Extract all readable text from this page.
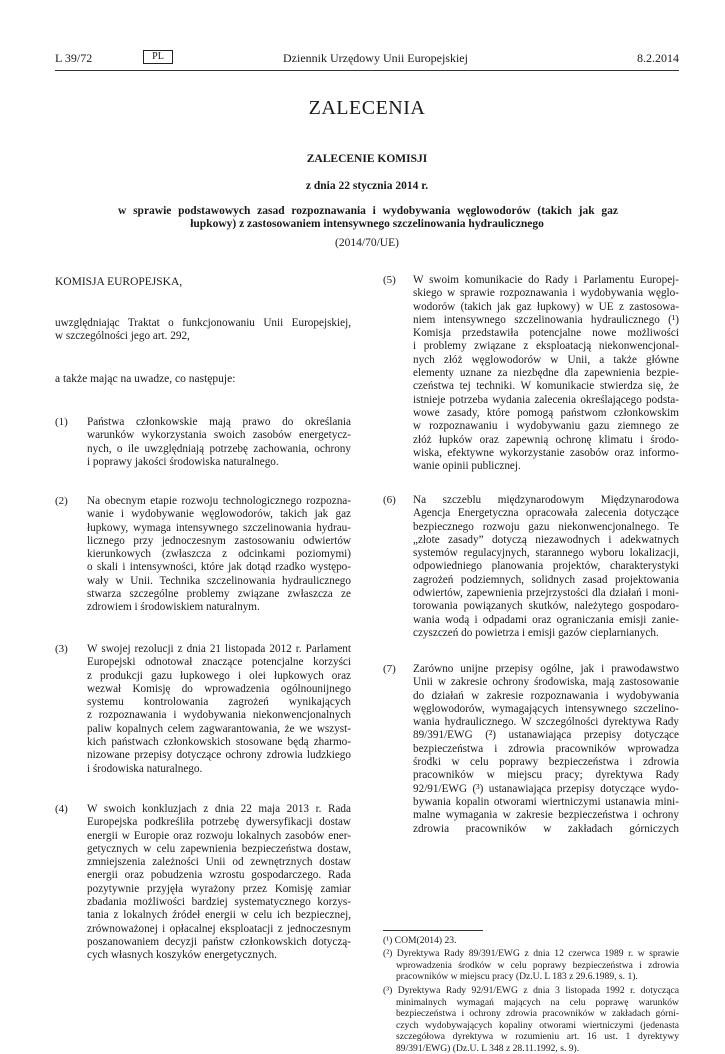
L 39/72	PL	Dziennik Urzędowy Unii Europejskiej	8.2.2014
ZALECENIA
ZALECENIE KOMISJI
z dnia 22 stycznia 2014 r.
w sprawie podstawowych zasad rozpoznawania i wydobywania węglowodorów (takich jak gaz
łupkowy) z zastosowaniem intensywnego szczelinowania hydraulicznego
(2014/70/UE)
KOMISJA EUROPEJSKA,
uwzględniając Traktat o funkcjonowaniu Unii Europejskiej,
w szczególności jego art. 292,
a także mając na uwadze, co następuje:
(1) Państwa członkowskie mają prawo do określania
warunków wykorzystania swoich zasobów energetycz-
nych, o ile uwzględniają potrzebę zachowania, ochrony
i poprawy jakości środowiska naturalnego.
(2) Na obecnym etapie rozwoju technologicznego rozpozna-
wanie i wydobywanie węglowodorów, takich jak gaz
łupkowy, wymaga intensywnego szczelinowania hydrau-
licznego przy jednoczesnym zastosowaniu odwiertów
kierunkowych (zwłaszcza z odcinkami poziomymi)
o skali i intensywności, które jak dotąd rzadko występo-
wały w Unii. Technika szczelinowania hydraulicznego
stwarza szczególne problemy związane zwłaszcza ze
zdrowiem i środowiskiem naturalnym.
(3) W swojej rezolucji z dnia 21 listopada 2012 r. Parlament
Europejski odnotował znaczące potencjalne korzyści
z produkcji gazu łupkowego i olei łupkowych oraz
wezwał Komisję do wprowadzenia ogólnounijnego
systemu kontrolowania zagrożeń wynikających
z rozpoznawania i wydobywania niekonwencjonalnych
paliw kopalnych celem zagwarantowania, że we wszyst-
kich państwach członkowskich stosowane będą zharmo-
nizowane przepisy dotyczące ochrony zdrowia ludzkiego
i środowiska naturalnego.
(4) W swoich konkluzjach z dnia 22 maja 2013 r. Rada
Europejska podkreśliła potrzebę dywersyfikacji dostaw
energii w Europie oraz rozwoju lokalnych zasobów ener-
getycznych w celu zapewnienia bezpieczeństwa dostaw,
zmniejszenia zależności Unii od zewnętrznych dostaw
energii oraz pobudzenia wzrostu gospodarczego. Rada
pozytywnie przyjęła wyrażony przez Komisję zamiar
zbadania możliwości bardziej systematycznego korzys-
tania z lokalnych źródeł energii w celu ich bezpiecznej,
zrównoważonej i opłacalnej eksploatacji z jednoczesnym
poszanowaniem decyzji państw członkowskich dotyczą-
cych własnych koszyków energetycznych.
(5) W swoim komunikacie do Rady i Parlamentu Europej-
skiego w sprawie rozpoznawania i wydobywania węglo-
wodorów (takich jak gaz łupkowy) w UE z zastosowa-
niem intensywnego szczelinowania hydraulicznego (¹)
Komisja przedstawiła potencjalne nowe możliwości
i problemy związane z eksploatacją niekonwencjonal-
nych złóż węglowodorów w Unii, a także główne
elementy uznane za niezbędne dla zapewnienia bezpie-
czeństwa tej techniki. W komunikacie stwierdza się, że
istnieje potrzeba wydania zalecenia określającego podsta-
wowe zasady, które pomogą państwom członkowskim
w rozpoznawaniu i wydobywaniu gazu ziemnego ze
złóż łupków oraz zapewnią ochronę klimatu i środo-
wiska, efektywne wykorzystanie zasobów oraz informo-
wanie opinii publicznej.
(6) Na szczeblu międzynarodowym Międzynarodowa
Agencja Energetyczna opracowała zalecenia dotyczące
bezpiecznego rozwoju gazu niekonwencjonalnego. Te
„złote zasady” dotyczą niezawodnych i adekwatnych
systemów regulacyjnych, starannego wyboru lokalizacji,
odpowiedniego planowania projektów, charakterystyki
zagrożeń podziemnych, solidnych zasad projektowania
odwiertów, zapewnienia przejrzystości dla działań i moni-
torowania powiązanych skutków, należytego gospodaro-
wania wodą i odpadami oraz ograniczania emisji zanie-
czyszczeń do powietrza i emisji gazów cieplarnianych.
(7) Zarówno unijne przepisy ogólne, jak i prawodawstwo
Unii w zakresie ochrony środowiska, mają zastosowanie
do działań w zakresie rozpoznawania i wydobywania
węglowodorów, wymagających intensywnego szczelino-
wania hydraulicznego. W szczególności dyrektywa Rady
89/391/EWG (²) ustanawiająca przepisy dotyczące
bezpieczeństwa i zdrowia pracowników wprowadza
środki w celu poprawy bezpieczeństwa i zdrowia
pracowników w miejscu pracy; dyrektywa Rady
92/91/EWG (³) ustanawiająca przepisy dotyczące wydo-
bywania kopalin otworami wiertniczymi ustanawia mini-
malne wymagania w zakresie bezpieczeństwa i ochrony
zdrowia pracowników w zakładach górniczych
(¹) COM(2014) 23.
(²) Dyrektywa Rady 89/391/EWG z dnia 12 czerwca 1989 r. w sprawie
wprowadzenia środków w celu poprawy bezpieczeństwa i zdrowia
pracowników w miejscu pracy (Dz.U. L 183 z 29.6.1989, s. 1).
(³) Dyrektywa Rady 92/91/EWG z dnia 3 listopada 1992 r. dotycząca
minimalnych wymagań mających na celu poprawę warunków
bezpieczeństwa i ochrony zdrowia pracowników w zakładach górni-
czych wydobywających kopaliny otworami wiertniczymi (jedenasta
szczegółowa dyrektywa w rozumieniu art. 16 ust. 1 dyrektywy
89/391/EWG) (Dz.U. L 348 z 28.11.1992, s. 9).
